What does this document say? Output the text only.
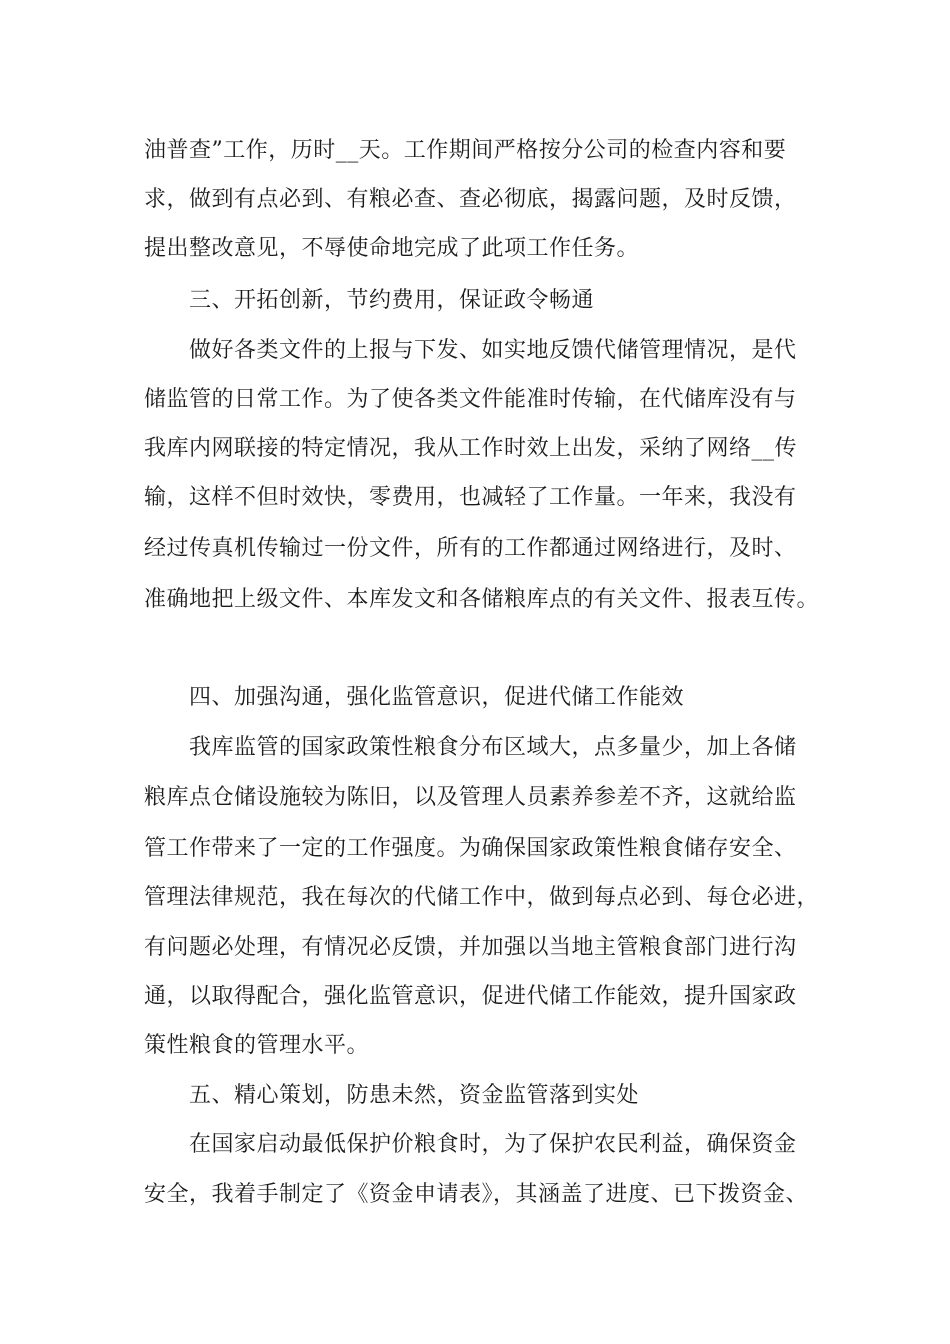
油普查”工作，历时__天。工作期间严格按分公司的检查内容和要
求，做到有点必到、有粮必查、查必彻底，揭露问题，及时反馈，
提出整改意见，不辱使命地完成了此项工作任务。
三、开拓创新，节约费用，保证政令畅通
做好各类文件的上报与下发、如实地反馈代储管理情况，是代
储监管的日常工作。为了使各类文件能准时传输，在代储库没有与
我库内网联接的特定情况，我从工作时效上出发，采纳了网络__传
输，这样不但时效快，零费用，也减轻了工作量。一年来，我没有
经过传真机传输过一份文件，所有的工作都通过网络进行，及时、
准确地把上级文件、本库发文和各储粮库点的有关文件、报表互传。
四、加强沟通，强化监管意识，促进代储工作能效
我库监管的国家政策性粮食分布区域大，点多量少，加上各储
粮库点仓储设施较为陈旧，以及管理人员素养参差不齐，这就给监
管工作带来了一定的工作强度。为确保国家政策性粮食储存安全、
管理法律规范，我在每次的代储工作中，做到每点必到、每仓必进，
有问题必处理，有情况必反馈，并加强以当地主管粮食部门进行沟
通，以取得配合，强化监管意识，促进代储工作能效，提升国家政
策性粮食的管理水平。
五、精心策划，防患未然，资金监管落到实处
在国家启动最低保护价粮食时，为了保护农民利益，确保资金
安全，我着手制定了《资金申请表》，其涵盖了进度、已下拨资金、
